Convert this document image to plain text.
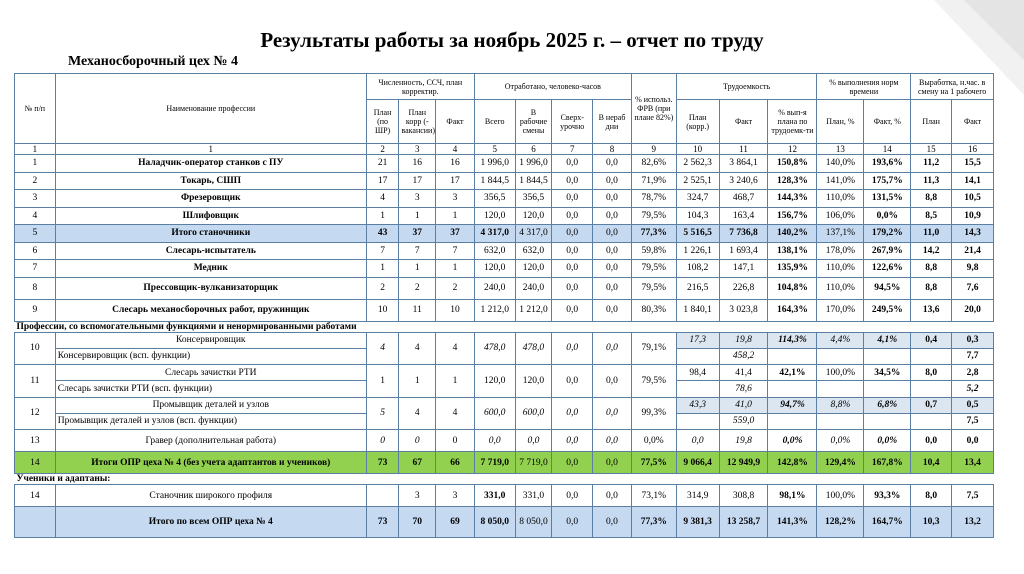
Результаты работы за ноябрь 2025 г. – отчет по труду
Механосборочный цех № 4
№ п/п	Наименование профессии	Численность, ССЧ, план корректир.			Отработано, человеко-часов				% использ. ФРВ (при плане 82%)	Трудоемкость			% выполнения норм времени		Выработка, н.час. в смену на 1 рабочего	
		План (по ШР)	План корр (-вакансии)	Факт	Всего	В рабочие смены	Сверх-урочно	В нераб дни		План (корр.)	Факт	% вып-я плана по трудоемк-ти	План, %	Факт, %	План	Факт
1	1	2	3	4	5	6	7	8	9	10	11	12	13	14	15	16
1	Наладчик-оператор станков с ПУ	21	16	16	1 996,0	1 996,0	0,0	0,0	82,6%	2 562,3	3 864,1	150,8%	140,0%	193,6%	11,2	15,5
2	Токарь, СШП	17	17	17	1 844,5	1 844,5	0,0	0,0	71,9%	2 525,1	3 240,6	128,3%	141,0%	175,7%	11,3	14,1
3	Фрезеровщик	4	3	3	356,5	356,5	0,0	0,0	78,7%	324,7	468,7	144,3%	110,0%	131,5%	8,8	10,5
4	Шлифовщик	1	1	1	120,0	120,0	0,0	0,0	79,5%	104,3	163,4	156,7%	106,0%	0,0%	8,5	10,9
5	Итого станочники	43	37	37	4 317,0	4 317,0	0,0	0,0	77,3%	5 516,5	7 736,8	140,2%	137,1%	179,2%	11,0	14,3
6	Слесарь-испытатель	7	7	7	632,0	632,0	0,0	0,0	59,8%	1 226,1	1 693,4	138,1%	178,0%	267,9%	14,2	21,4
7	Медник	1	1	1	120,0	120,0	0,0	0,0	79,5%	108,2	147,1	135,9%	110,0%	122,6%	8,8	9,8
8	Прессовщик-вулканизаторщик	2	2	2	240,0	240,0	0,0	0,0	79,5%	216,5	226,8	104,8%	110,0%	94,5%	8,8	7,6
9	Слесарь механосборочных работ, пружинщик	10	11	10	1 212,0	1 212,0	0,0	0,0	80,3%	1 840,1	3 023,8	164,3%	170,0%	249,5%	13,6	20,0
Профессии, со вспомогательными функциями и ненормированными работами																
10	Консервировщик	4	4	4	478,0	478,0	0,0	0,0	79,1%	17,3	19,8	114,3%	4,4%	4,1%	0,4	0,3
	Консервировщик (всп. функции)										458,2					7,7
11	Слесарь зачистки РТИ	1	1	1	120,0	120,0	0,0	0,0	79,5%	98,4	41,4	42,1%	100,0%	34,5%	8,0	2,8
	Слесарь зачистки РТИ (всп. функции)										78,6					5,2
12	Промывщик деталей и узлов	5	4	4	600,0	600,0	0,0	0,0	99,3%	43,3	41,0	94,7%	8,8%	6,8%	0,7	0,5
	Промывщик деталей и узлов (всп. функции)										559,0					7,5
13	Гравер (дополнительная работа)	0	0	0	0,0	0,0	0,0	0,0	0,0%	0,0	19,8	0,0%	0,0%	0,0%	0,0	0,0
14	Итоги ОПР цеха № 4 (без учета адаптантов и учеников)	73	67	66	7 719,0	7 719,0	0,0	0,0	77,5%	9 066,4	12 949,9	142,8%	129,4%	167,8%	10,4	13,4
Ученики и адаптаны:																
14	Станочник широкого профиля		3	3	331,0	331,0	0,0	0,0	73,1%	314,9	308,8	98,1%	100,0%	93,3%	8,0	7,5
	Итого по всем ОПР цеха № 4	73	70	69	8 050,0	8 050,0	0,0	0,0	77,3%	9 381,3	13 258,7	141,3%	128,2%	164,7%	10,3	13,2
